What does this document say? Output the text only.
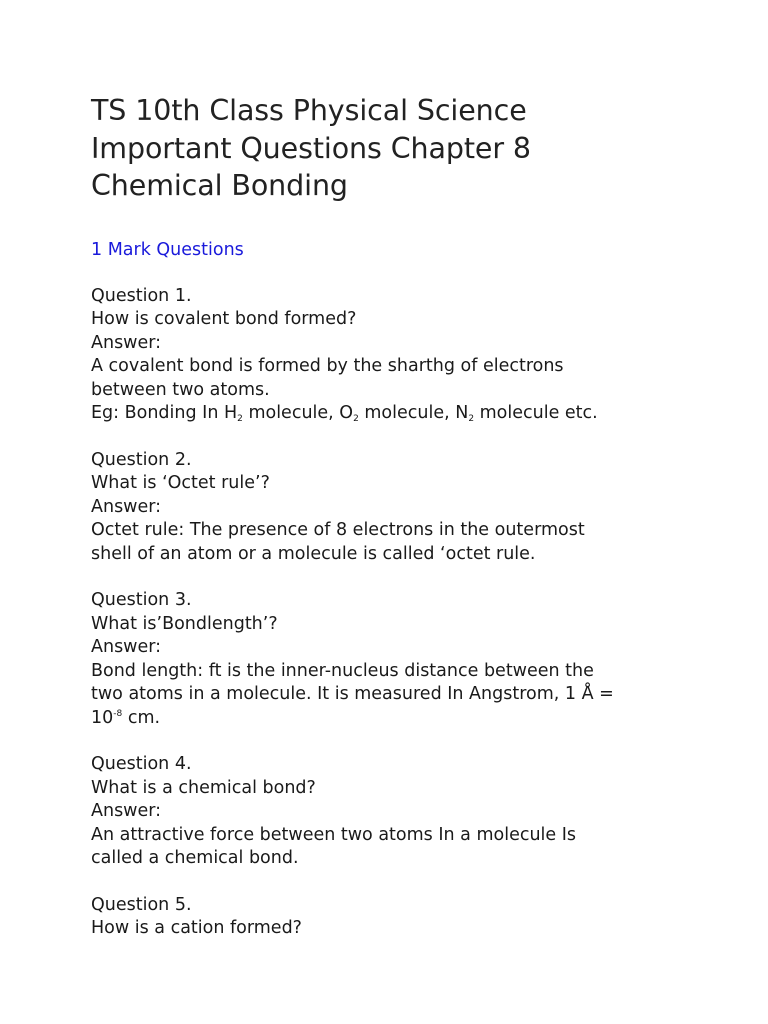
TS 10th Class Physical Science
Important Questions Chapter 8
Chemical Bonding
1 Mark Questions

Question 1.

How is covalent bond formed?

Answer:

A covalent bond is formed by the sharthg of electrons

between two atoms.

Eg: Bonding In $H_2$ molecule, $O_2$ molecule, $N_2$ molecule etc.

Question 2.

What is ‘Octet rule’?

Answer:

Octet rule: The presence of 8 electrons in the outermost

shell of an atom or a molecule is called ‘octet rule.

Question 3.

What is’Bondlength’?

Answer:

Bond length: ft is the inner-nucleus distance between the

two atoms in a molecule. It is measured In Angstrom, 1 Å =

$10^{-8}$ cm.

Question 4.

What is a chemical bond?

Answer:

An attractive force between two atoms In a molecule Is

called a chemical bond.

Question 5.

How is a cation formed?
